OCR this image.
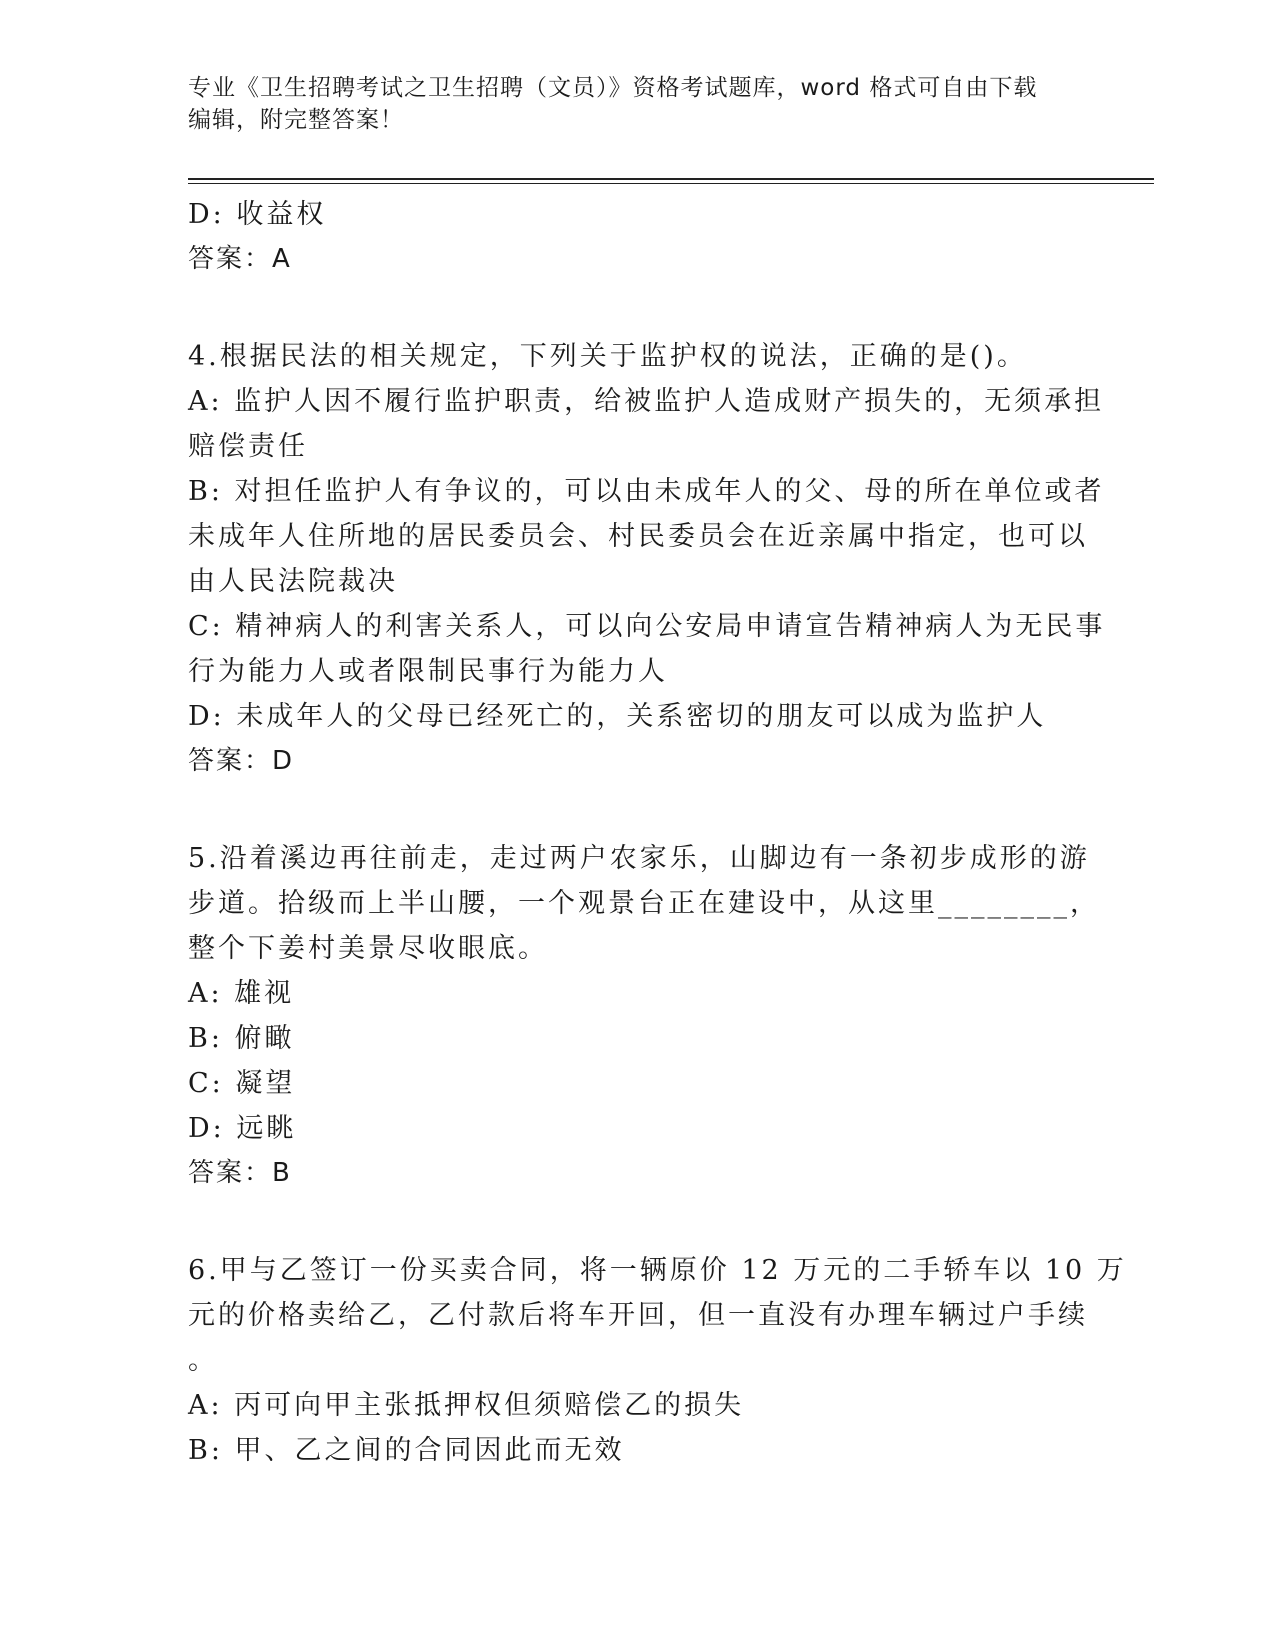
专业《卫生招聘考试之卫生招聘（文员）》资格考试题库，word 格式可自由下载
编辑，附完整答案！
D: 收益权
答案：A
4.根据民法的相关规定，下列关于监护权的说法，正确的是()。
A: 监护人因不履行监护职责，给被监护人造成财产损失的，无须承担
赔偿责任
B: 对担任监护人有争议的，可以由未成年人的父、母的所在单位或者
未成年人住所地的居民委员会、村民委员会在近亲属中指定，也可以
由人民法院裁决
C: 精神病人的利害关系人，可以向公安局申请宣告精神病人为无民事
行为能力人或者限制民事行为能力人
D: 未成年人的父母已经死亡的，关系密切的朋友可以成为监护人
答案：D
5.沿着溪边再往前走，走过两户农家乐，山脚边有一条初步成形的游
步道。拾级而上半山腰，一个观景台正在建设中，从这里________，
整个下姜村美景尽收眼底。
A: 雄视
B: 俯瞰
C: 凝望
D: 远眺
答案：B
6.甲与乙签订一份买卖合同，将一辆原价 12 万元的二手轿车以 10 万
元的价格卖给乙，乙付款后将车开回，但一直没有办理车辆过户手续
。
A: 丙可向甲主张抵押权但须赔偿乙的损失
B: 甲、乙之间的合同因此而无效
